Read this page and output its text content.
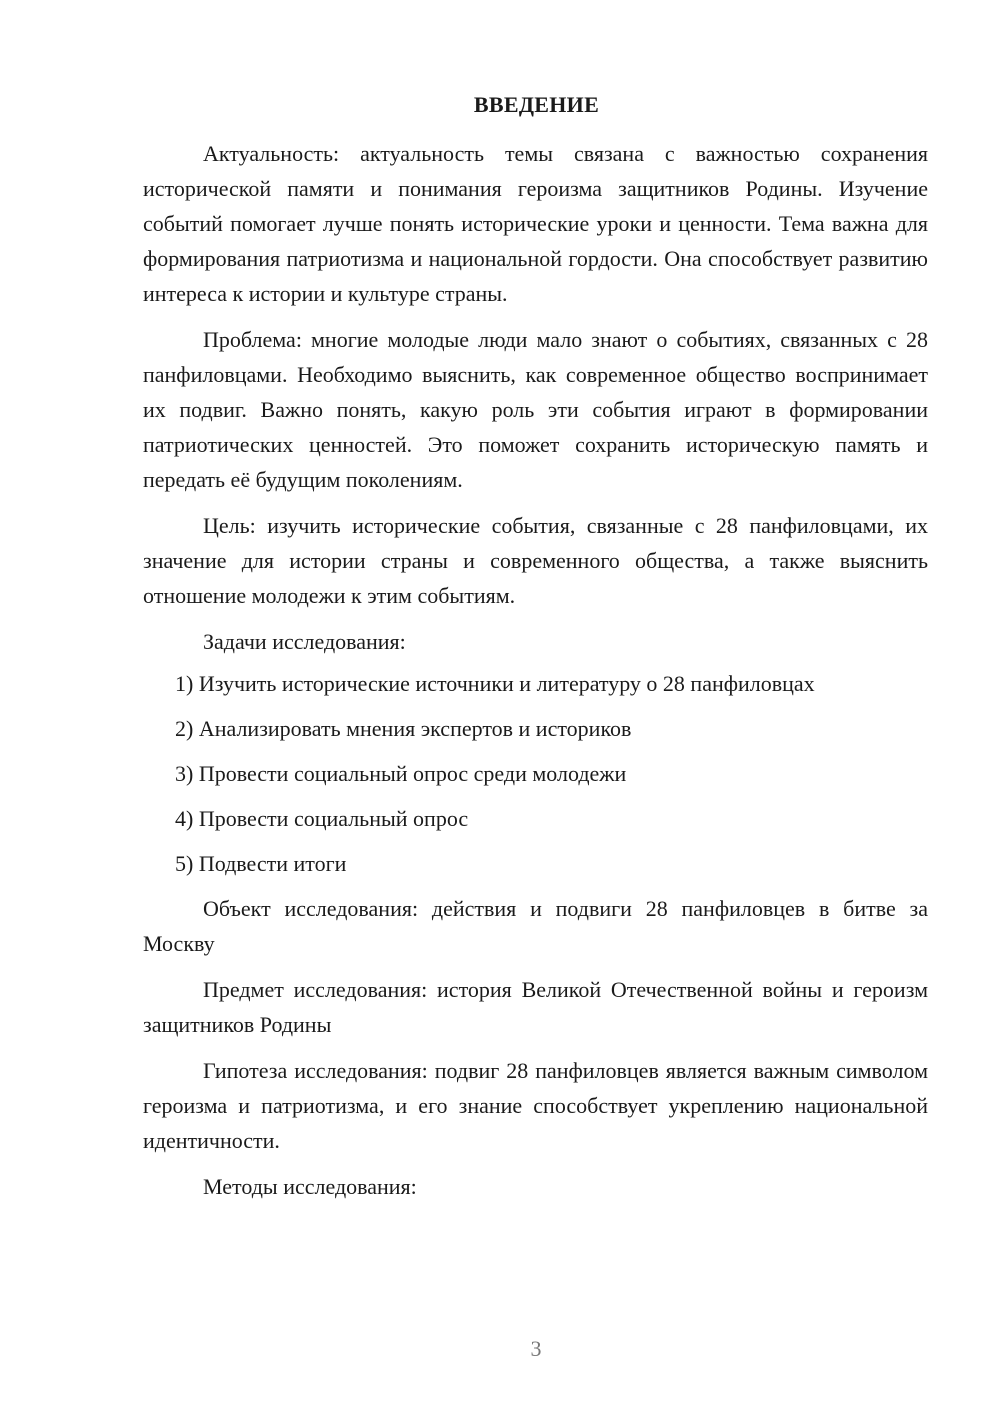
ВВЕДЕНИЕ

Актуальность: актуальность темы связана с важностью сохранения исторической памяти и понимания героизма защитников Родины. Изучение событий помогает лучше понять исторические уроки и ценности. Тема важна для формирования патриотизма и национальной гордости. Она способствует развитию интереса к истории и культуре страны.

Проблема: многие молодые люди мало знают о событиях, связанных с 28 панфиловцами. Необходимо выяснить, как современное общество воспринимает их подвиг. Важно понять, какую роль эти события играют в формировании патриотических ценностей. Это поможет сохранить историческую память и передать её будущим поколениям.

Цель: изучить исторические события, связанные с 28 панфиловцами, их значение для истории страны и современного общества, а также выяснить отношение молодежи к этим событиям.

Задачи исследования:

1) Изучить исторические источники и литературу о 28 панфиловцах
2) Анализировать мнения экспертов и историков
3) Провести социальный опрос среди молодежи
4) Провести социальный опрос
5) Подвести итоги

Объект исследования: действия и подвиги 28 панфиловцев в битве за Москву

Предмет исследования: история Великой Отечественной войны и героизм защитников Родины

Гипотеза исследования: подвиг 28 панфиловцев является важным символом героизма и патриотизма, и его знание способствует укреплению национальной идентичности.

Методы исследования:

3
